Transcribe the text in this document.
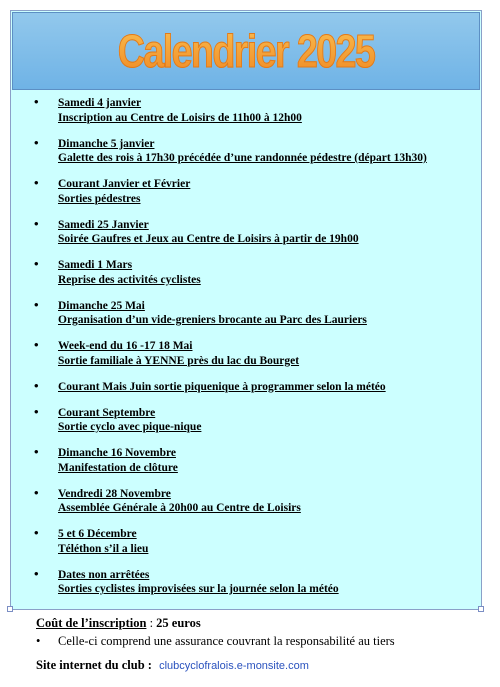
Calendrier 2025
• Samedi 4 janvier
Inscription au Centre de Loisirs de 11h00 à 12h00
• Dimanche 5 janvier
Galette des rois à 17h30 précédée d’une randonnée pédestre (départ 13h30)
• Courant Janvier et Février
Sorties pédestres
• Samedi 25 Janvier
Soirée Gaufres et Jeux au Centre de Loisirs à partir de 19h00
• Samedi 1 Mars
Reprise des activités cyclistes
• Dimanche 25 Mai
Organisation d’un vide-greniers brocante au Parc des Lauriers
• Week-end du 16 -17 18 Mai
Sortie familiale à YENNE près du lac du Bourget
• Courant Mais Juin sortie piquenique à programmer selon la météo
• Courant Septembre
Sortie cyclo avec pique-nique
• Dimanche 16 Novembre
Manifestation de clôture
• Vendredi 28 Novembre
Assemblée Générale à 20h00 au Centre de Loisirs
• 5 et 6 Décembre
Téléthon s’il a lieu
• Dates non arrêtées
Sorties cyclistes improvisées sur la journée selon la météo
Coût de l’inscription : 25 euros
• Celle-ci comprend une assurance couvrant la responsabilité au tiers
Site internet du club : clubcyclofralois.e-monsite.com
